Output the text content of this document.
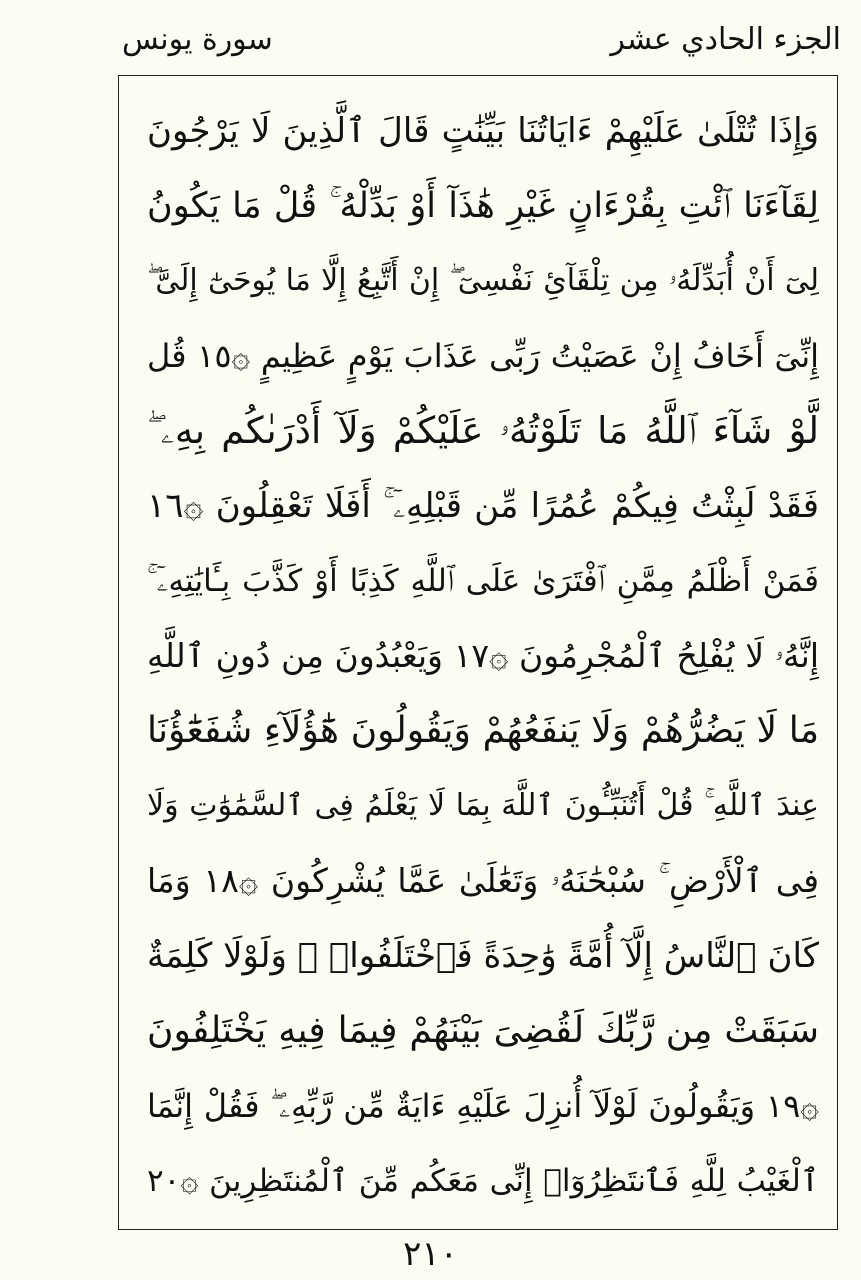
الجزء الحادي عشر
سورة يونس
وَإِذَا تُتْلَىٰ عَلَيْهِمْ ءَايَاتُنَا بَيِّنَٰتٍ قَالَ ٱلَّذِينَ لَا يَرْجُونَ
لِقَآءَنَا ٱئْتِ بِقُرْءَانٍ غَيْرِ هَٰذَآ أَوْ بَدِّلْهُ ۚ قُلْ مَا يَكُونُ
لِىٓ أَنْ أُبَدِّلَهُۥ مِن تِلْقَآئِ نَفْسِىٓ ۖ إِنْ أَتَّبِعُ إِلَّا مَا يُوحَىٰٓ إِلَىَّ ۖ
إِنِّىٓ أَخَافُ إِنْ عَصَيْتُ رَبِّى عَذَابَ يَوْمٍ عَظِيمٍ ۞١٥ قُل
لَّوْ شَآءَ ٱللَّهُ مَا تَلَوْتُهُۥ عَلَيْكُمْ وَلَآ أَدْرَىٰكُم بِهِۦ ۖ
فَقَدْ لَبِثْتُ فِيكُمْ عُمُرًا مِّن قَبْلِهِۦٓ ۚ أَفَلَا تَعْقِلُونَ ۞١٦
فَمَنْ أَظْلَمُ مِمَّنِ ٱفْتَرَىٰ عَلَى ٱللَّهِ كَذِبًا أَوْ كَذَّبَ بِـَٔايَٰتِهِۦٓ ۚ
إِنَّهُۥ لَا يُفْلِحُ ٱلْمُجْرِمُونَ ۞١٧ وَيَعْبُدُونَ مِن دُونِ ٱللَّهِ
مَا لَا يَضُرُّهُمْ وَلَا يَنفَعُهُمْ وَيَقُولُونَ هَٰٓؤُلَآءِ شُفَعَٰٓؤُنَا
عِندَ ٱللَّهِ ۚ قُلْ أَتُنَبِّـُٔونَ ٱللَّهَ بِمَا لَا يَعْلَمُ فِى ٱلسَّمَٰوَٰتِ وَلَا
فِى ٱلْأَرْضِ ۚ سُبْحَٰنَهُۥ وَتَعَٰلَىٰ عَمَّا يُشْرِكُونَ ۞١٨ وَمَا
كَانَ ٱلنَّاسُ إِلَّآ أُمَّةً وَٰحِدَةً فَٱخْتَلَفُوا۟ ۚ وَلَوْلَا كَلِمَةٌ
سَبَقَتْ مِن رَّبِّكَ لَقُضِىَ بَيْنَهُمْ فِيمَا فِيهِ يَخْتَلِفُونَ
۞١٩ وَيَقُولُونَ لَوْلَآ أُنزِلَ عَلَيْهِ ءَايَةٌ مِّن رَّبِّهِۦ ۖ فَقُلْ إِنَّمَا
ٱلْغَيْبُ لِلَّهِ فَٱنتَظِرُوٓا۟ إِنِّى مَعَكُم مِّنَ ٱلْمُنتَظِرِينَ ۞٢٠
٢١٠
